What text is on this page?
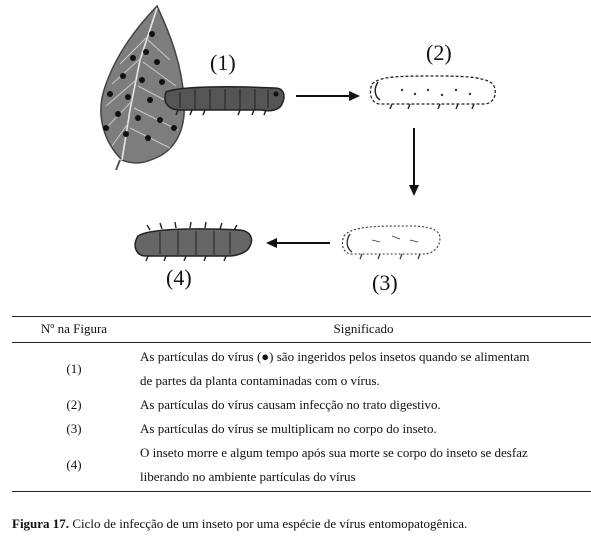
(1)	(2)
(3)
(4)
Nº na Figura	Significado
(1)	As partículas do vírus (●) são ingeridos pelos insetos quando se alimentam
de partes da planta contaminadas com o vírus.

(2)	As partículas do vírus causam infecção no trato digestivo.

(3)	As partículas do vírus se multiplicam no corpo do inseto.

(4)	O inseto morre e algum tempo após sua morte se corpo do inseto se desfaz
liberando no ambiente partículas do vírus
Figura 17. Ciclo de infecção de um inseto por uma espécie de vírus entomopatogênica.
